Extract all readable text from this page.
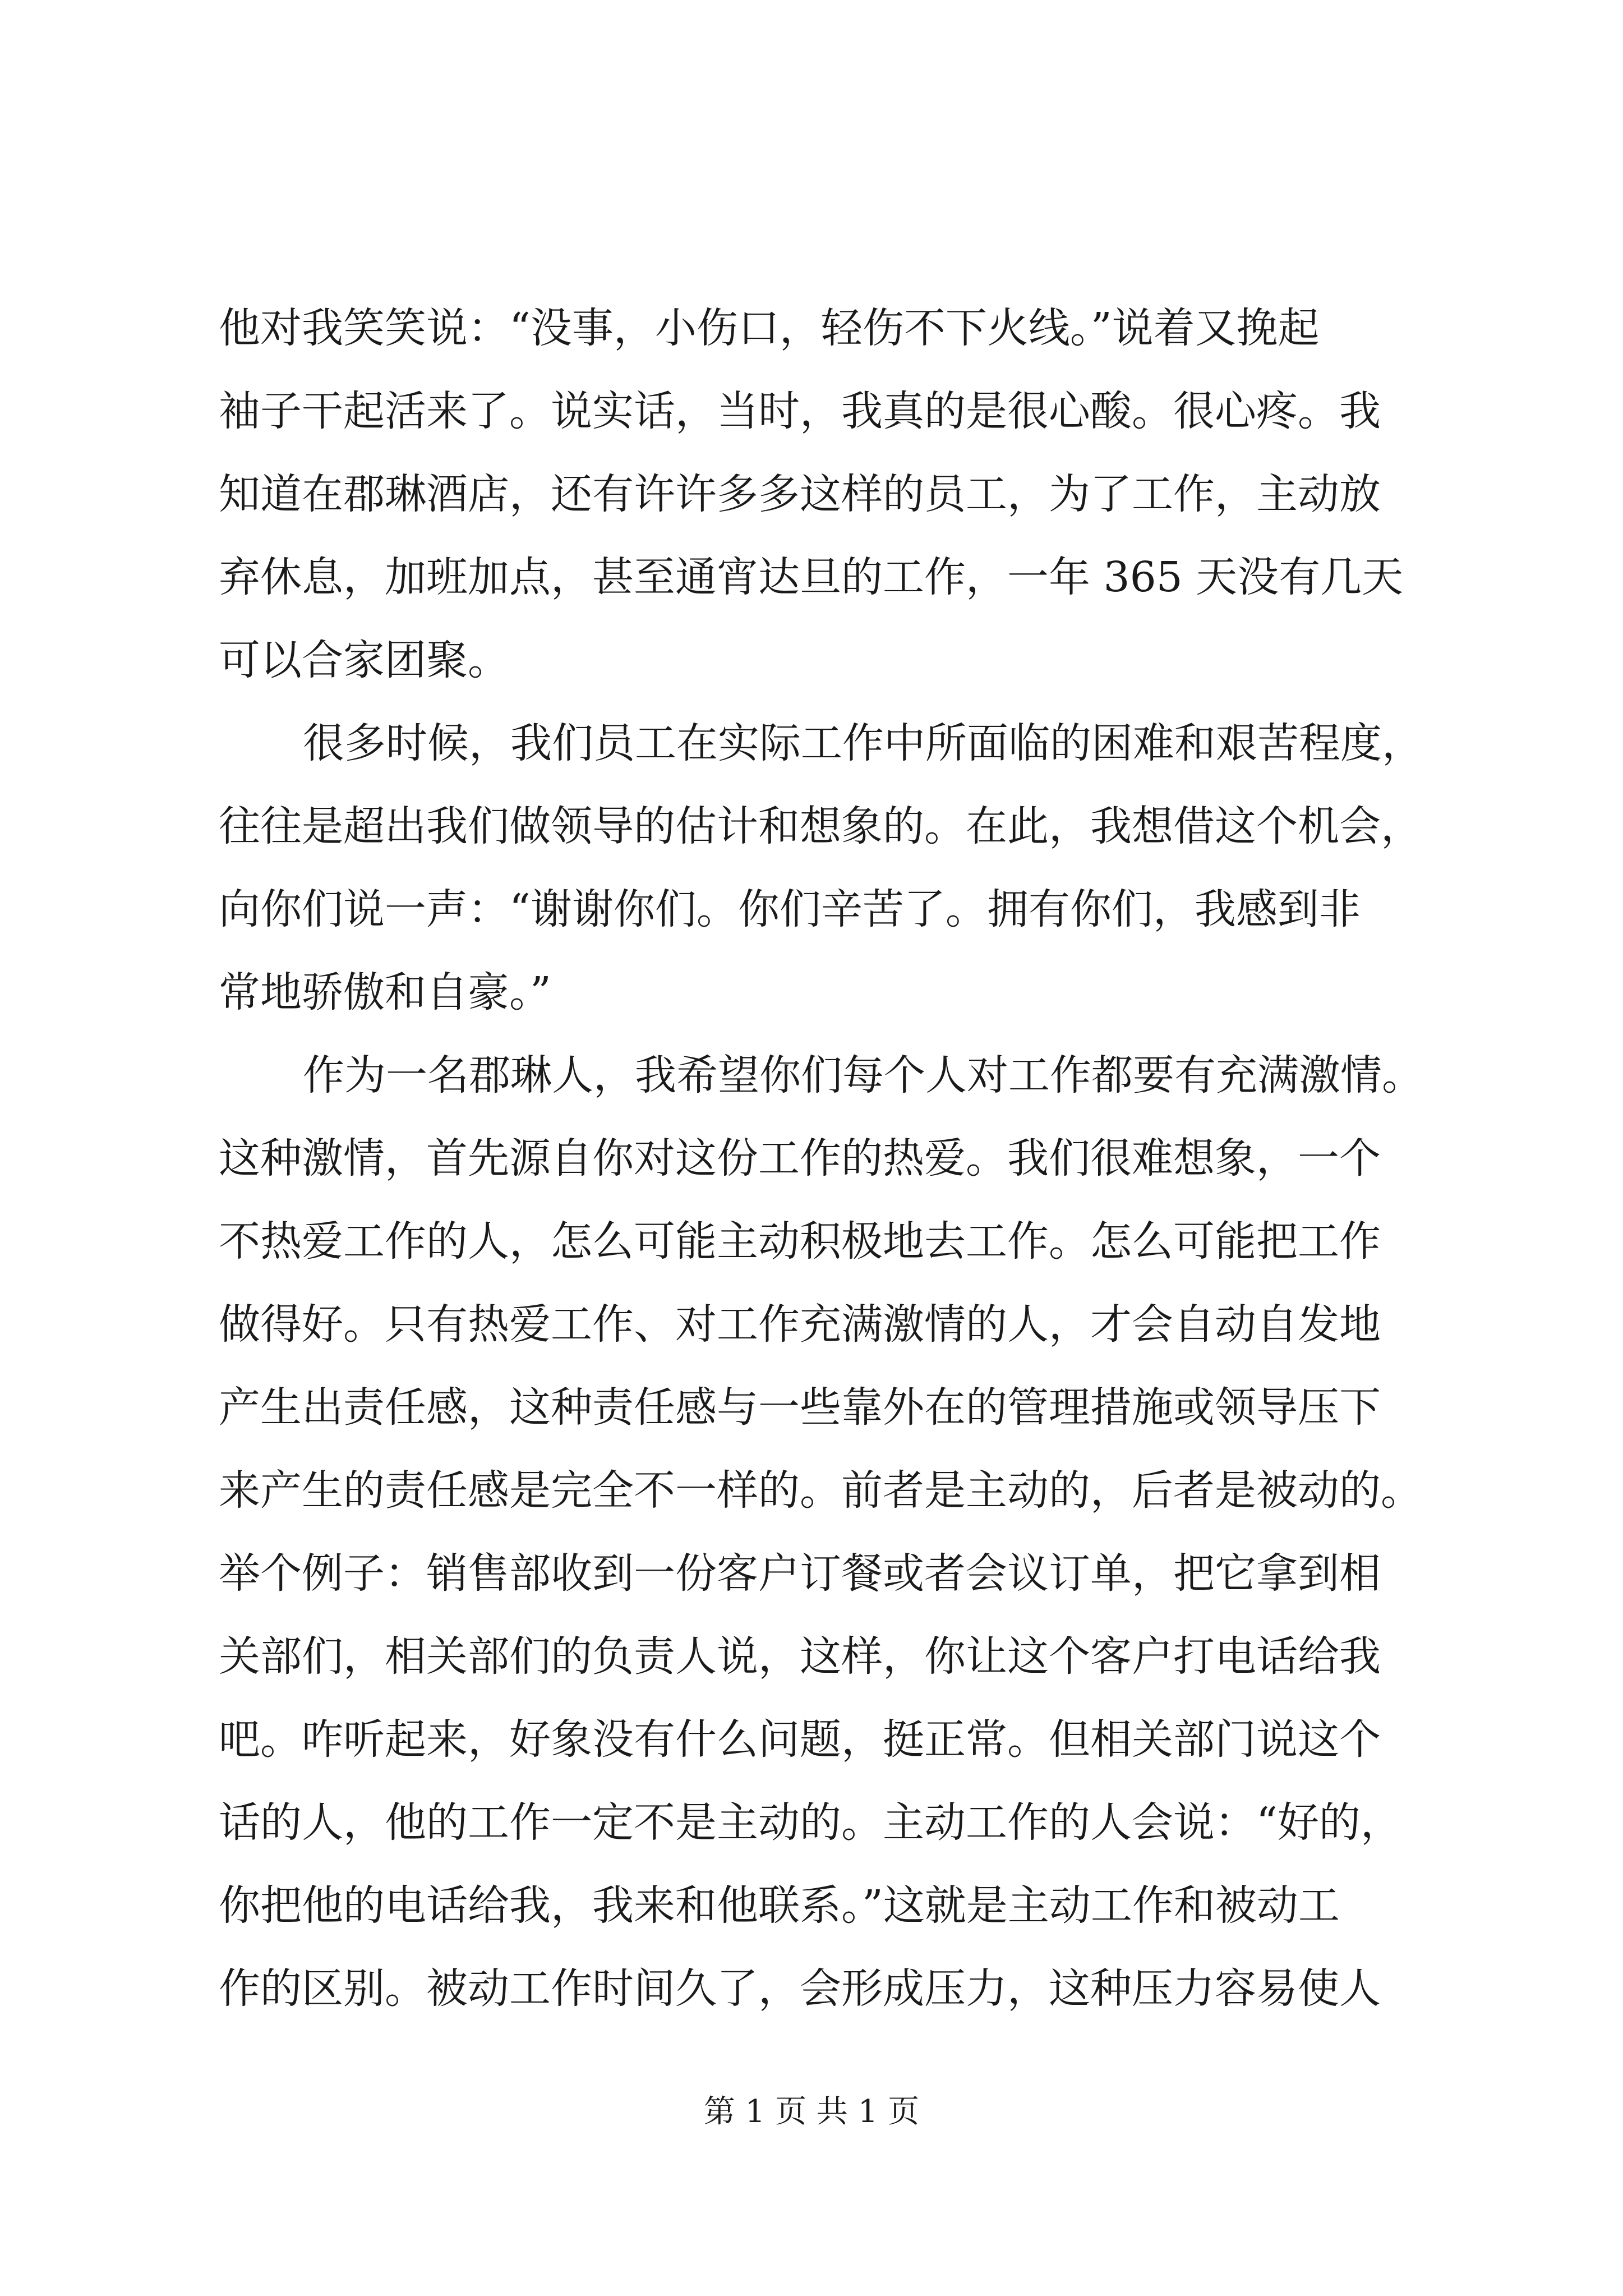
他对我笑笑说：“没事，小伤口，轻伤不下火线。”说着又挽起
袖子干起活来了。说实话，当时，我真的是很心酸。很心疼。我
知道在郡琳酒店，还有许许多多这样的员工，为了工作，主动放
弃休息，加班加点，甚至通宵达旦的工作，一年 365 天没有几天
可以合家团聚。
很多时候，我们员工在实际工作中所面临的困难和艰苦程度，
往往是超出我们做领导的估计和想象的。在此，我想借这个机会，
向你们说一声：“谢谢你们。你们辛苦了。拥有你们，我感到非
常地骄傲和自豪。”
作为一名郡琳人，我希望你们每个人对工作都要有充满激情。
这种激情，首先源自你对这份工作的热爱。我们很难想象，一个
不热爱工作的人，怎么可能主动积极地去工作。怎么可能把工作
做得好。只有热爱工作、对工作充满激情的人，才会自动自发地
产生出责任感，这种责任感与一些靠外在的管理措施或领导压下
来产生的责任感是完全不一样的。前者是主动的，后者是被动的。
举个例子：销售部收到一份客户订餐或者会议订单，把它拿到相
关部们，相关部们的负责人说，这样，你让这个客户打电话给我
吧。咋听起来，好象没有什么问题，挺正常。但相关部门说这个
话的人，他的工作一定不是主动的。主动工作的人会说：“好的，
你把他的电话给我，我来和他联系。”这就是主动工作和被动工
作的区别。被动工作时间久了，会形成压力，这种压力容易使人
第 1 页 共 1 页
